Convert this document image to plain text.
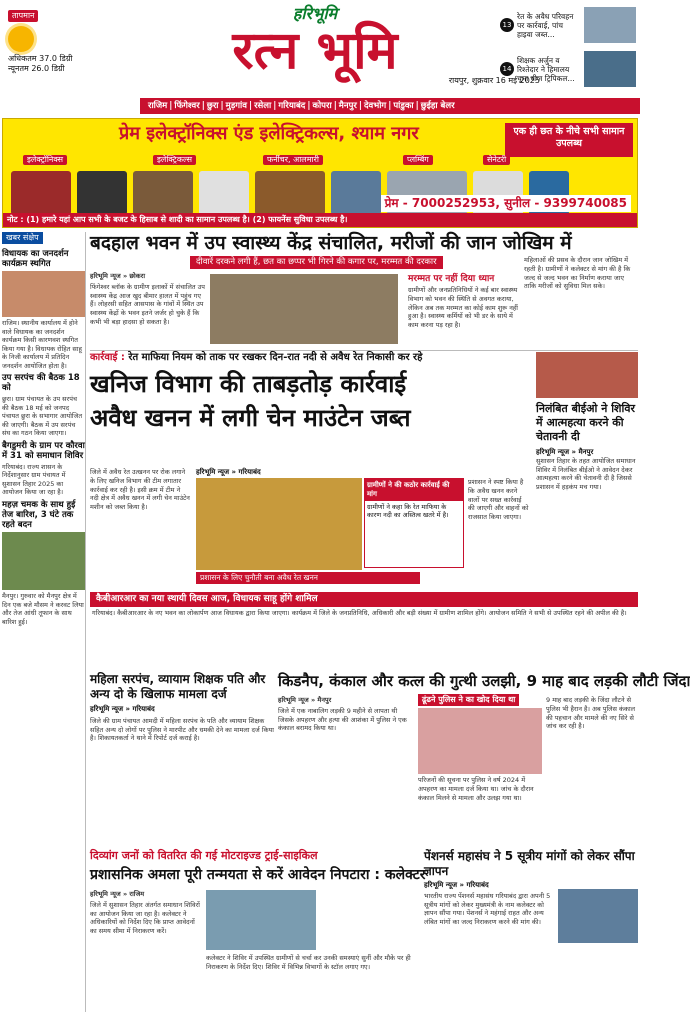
तापमान
अधिकतम 37.0 डिग्री
न्यूनतम 26.0 डिग्री
हरिभूमि
रत्न भूमि	रायपुर, शुक्रवार 16 मई 2025
13
रेत के अवैध परिवहन पर कार्रवाई, पांच हाइवा जब्त...
14
शिक्षक अर्जुन व रिश्तेदार ने हिमालय चूमा बीज ट्रिपिकल...
राजिम | फिंगेश्वर | छुरा | मुड़गांव | रसेला | गरियाबंद | कोपरा | मैनपुर | देवभोग | पांडुका | छुईहा बेलर
प्रेम इलेक्ट्रॉनिक्स एंड इलेक्ट्रिकल्स, श्याम नगर	एक ही छत के नीचे सभी सामान उपलब्ध
इलेक्ट्रॉनिक्स	इलेक्ट्रिकल्स	फर्नीचर, आलमारी	प्लम्बिंग	सेनेटरी
प्रेम - 7000252953, सुनील - 9399740085
नोट : (1) हमारे यहां आप सभी के बजट के हिसाब से शादी का सामान उपलब्ध है। (2) फायनेंस सुविधा उपलब्ध है।
खबर संक्षेप
विधायक का जनदर्शन कार्यक्रम स्थगित

राजिम। स्थानीय कार्यालय में होने वाले विधायक का जनदर्शन कार्यक्रम किसी कारणवश स्थगित किया गया है। विधायक रोहित साहू के निजी कार्यालय में प्रतिदिन जनदर्शन आयोजित होता है।

उप सरपंच की बैठक 18 को

छुरा। ग्राम पंचायत के उप सरपंच की बैठक 18 मई को जनपद पंचायत छुरा के सभागार आयोजित की जाएगी। बैठक में उप सरपंच संघ का गठन किया जाएगा।

बैगडुमरी के ग्राम पर कौरवा में 31 को समाधान शिविर

गरियाबंद। राज्य शासन के निर्देशानुसार ग्राम पंचायत में सुशासन तिहार 2025 का आयोजन किया जा रहा है।

महज़ चमक के साथ हुई तेज बारिश, 3 घंटे तक रहते बदन

मैनपुर। गुरुवार को मैनपुर क्षेत्र में दिन एक बजे मौसम ने करवट लिया और तेज आंधी तूफान के साथ बारिश हुई।

बदहाल भवन में उप स्वास्थ्य केंद्र संचालित, मरीजों की जान जोखिम में
दीवारें दरकने लगी हैं, छत का छप्पर भी गिरने की कगार पर, मरम्मत की दरकार
हरिभूमि न्यूज » छोकरा
फिंगेश्वर ब्लॉक के ग्रामीण इलाकों में संचालित उप स्वास्थ्य केंद्र आज खुद बीमार हालत में पहुंच गए हैं। लोहरसी सहित आसपास के गांवों में स्थित उप स्वास्थ्य केंद्रों के भवन इतने जर्जर हो चुके हैं कि कभी भी बड़ा हादसा हो सकता है।
मरम्मत पर नहीं दिया ध्यान
ग्रामीणों और जनप्रतिनिधियों ने कई बार स्वास्थ्य विभाग को भवन की स्थिति से अवगत कराया, लेकिन अब तक मरम्मत का कोई काम शुरू नहीं हुआ है। स्वास्थ्य कर्मियों को भी डर के साये में काम करना पड़ रहा है।
महिलाओं की प्रसव के दौरान जान जोखिम में रहती है। ग्रामीणों ने कलेक्टर से मांग की है कि जल्द से जल्द भवन का निर्माण कराया जाए ताकि मरीजों को सुविधा मिल सके।
कार्रवाई : रेत माफिया नियम को ताक पर रखकर दिन-रात नदी से अवैध रेत निकासी कर रहे
खनिज विभाग की ताबड़तोड़ कार्रवाई
अवैध खनन में लगी चेन माउंटेन जब्त
हरिभूमि न्यूज » गरियाबंद
जिले में अवैध रेत उत्खनन पर रोक लगाने के लिए खनिज विभाग की टीम लगातार कार्रवाई कर रही है। इसी क्रम में टीम ने नदी क्षेत्र में अवैध खनन में लगी चेन माउंटेन मशीन को जब्त किया है।
ग्रामीणों ने की कठोर कार्रवाई की मांग
ग्रामीणों ने कहा कि रेत माफिया के कारण नदी का अस्तित्व खतरे में है।
प्रशासन के लिए चुनौती बना अवैध रेत खनन
प्रशासन ने स्पष्ट किया है कि अवैध खनन करने वालों पर सख्त कार्रवाई की जाएगी और वाहनों को राजसात किया जाएगा।
निलंबित बीईओ ने शिविर में आत्महत्या करने की चेतावनी दी
हरिभूमि न्यूज » मैनपुर

सुशासन तिहार के तहत आयोजित समाधान शिविर में निलंबित बीईओ ने आवेदन देकर आत्महत्या करने की चेतावनी दी है जिससे प्रशासन में हड़कंप मच गया।

कैबीआरआर का नया स्थायी दिवस आज, विधायक साहू होंगे शामिल

गरियाबंद। कैबीआरआर के नए भवन का लोकार्पण आज विधायक द्वारा किया जाएगा। कार्यक्रम में जिले के जनप्रतिनिधि, अधिकारी और बड़ी संख्या में ग्रामीण शामिल होंगे। आयोजन समिति ने सभी से उपस्थित रहने की अपील की है।

महिला सरपंच, व्यायाम शिक्षक पति और अन्य दो के खिलाफ मामला दर्ज
हरिभूमि न्यूज » गरियाबंद

जिले की ग्राम पंचायत आमदी में महिला सरपंच के पति और व्यायाम शिक्षक सहित अन्य दो लोगों पर पुलिस ने मारपीट और धमकी देने का मामला दर्ज किया है। शिकायतकर्ता ने थाने में रिपोर्ट दर्ज कराई है।

किडनैप, कंकाल और कत्ल की गुत्थी उलझी, 9 माह बाद लड़की लौटी जिंदा
ढूंढने पुलिस ने का खोद दिया था
हरिभूमि न्यूज » मैनपुर
जिले में एक नाबालिग लड़की 9 महीने से लापता थी जिसके अपहरण और हत्या की आशंका में पुलिस ने एक कंकाल बरामद किया था।
परिजनों की सूचना पर पुलिस ने वर्ष 2024 में अपहरण का मामला दर्ज किया था। जांच के दौरान कंकाल मिलने से मामला और उलझ गया था।
9 माह बाद लड़की के जिंदा लौटने से पुलिस भी हैरान है। अब पुलिस कंकाल की पहचान और मामले की नए सिरे से जांच कर रही है।
दिव्यांग जनों को वितरित की गई मोटराइज्ड ट्राई-साइकिल
प्रशासनिक अमला पूरी तन्मयता से करें आवेदन निपटारा : कलेक्टर
हरिभूमि न्यूज » राजिम
जिले में सुशासन तिहार अंतर्गत समाधान शिविरों का आयोजन किया जा रहा है। कलेक्टर ने अधिकारियों को निर्देश दिए कि प्राप्त आवेदनों का समय सीमा में निराकरण करें।
कलेक्टर ने शिविर में उपस्थित ग्रामीणों से चर्चा कर उनकी समस्याएं सुनीं और मौके पर ही निराकरण के निर्देश दिए। शिविर में विभिन्न विभागों के स्टॉल लगाए गए।
पेंशनर्स महासंघ ने 5 सूत्रीय मांगों को लेकर सौंपा ज्ञापन
हरिभूमि न्यूज » गरियाबंद

भारतीय राज्य पेंशनर्स महासंघ गरियाबंद द्वारा अपनी 5 सूत्रीय मांगों को लेकर मुख्यमंत्री के नाम कलेक्टर को ज्ञापन सौंपा गया। पेंशनर्स ने महंगाई राहत और अन्य लंबित मांगों का जल्द निराकरण करने की मांग की।
